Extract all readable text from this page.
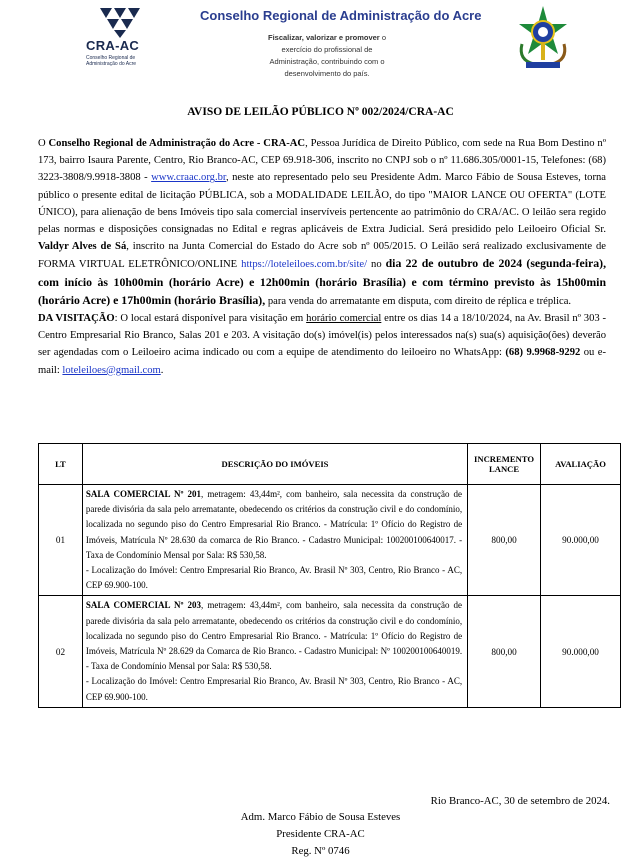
CRA-AC
Conselho Regional de Administração do Acre
Conselho Regional de Administração do Acre
Fiscalizar, valorizar e promover o exercício do profissional de Administração, contribuindo com o desenvolvimento do país.
AVISO DE LEILÃO PÚBLICO Nº 002/2024/CRA-AC

O Conselho Regional de Administração do Acre - CRA-AC, Pessoa Jurídica de Direito Público, com sede na Rua Bom Destino nº 173, bairro Isaura Parente, Centro, Rio Branco-AC, CEP 69.918-306, inscrito no CNPJ sob o nº 11.686.305/0001-15, Telefones: (68) 3223-3808/9.9918-3808 - www.craac.org.br, neste ato representado pelo seu Presidente Adm. Marco Fábio de Sousa Esteves, torna público o presente edital de licitação PÚBLICA, sob a MODALIDADE LEILÃO, do tipo "MAIOR LANCE OU OFERTA" (LOTE ÚNICO), para alienação de bens Imóveis tipo sala comercial inservíveis pertencente ao patrimônio do CRA/AC. O leilão sera regido pelas normas e disposições consignadas no Edital e regras aplicáveis de Extra Judicial. Será presidido pelo Leiloeiro Oficial Sr. Valdyr Alves de Sá, inscrito na Junta Comercial do Estado do Acre sob nº 005/2015. O Leilão será realizado exclusivamente de FORMA VIRTUAL ELETRÔNICO/ONLINE https://loteleiloes.com.br/site/ no dia 22 de outubro de 2024 (segunda-feira), com início às 10h00min (horário Acre) e 12h00min (horário Brasília) e com término previsto às 15h00min (horário Acre) e 17h00min (horário Brasília), para venda do arrematante em disputa, com direito de réplica e tréplica.

DA VISITAÇÃO: O local estará disponível para visitação em horário comercial entre os dias 14 a 18/10/2024, na Av. Brasil nº 303 - Centro Empresarial Rio Branco, Salas 201 e 203. A visitação do(s) imóvel(is) pelos interessados na(s) sua(s) aquisição(ões) deverão ser agendadas com o Leiloeiro acima indicado ou com a equipe de atendimento do leiloeiro no WhatsApp: (68) 9.9968-9292 ou e-mail: loteleiloes@gmail.com.

LT	DESCRIÇÃO DO IMÓVEIS	INCREMENTO LANCE	AVALIAÇÃO
01	SALA COMERCIAL Nº 201, metragem: 43,44m², com banheiro, sala necessita da construção de parede divisória da sala pelo arrematante, obedecendo os critérios da construção civil e do condomínio, localizada no segundo piso do Centro Empresarial Rio Branco. - Matrícula: 1º Ofício do Registro de Imóveis, Matrícula Nº 28.630 da comarca de Rio Branco. - Cadastro Municipal: 100200100640017. - Taxa de Condomínio Mensal por Sala: R$ 530,58.
- Localização do Imóvel: Centro Empresarial Rio Branco, Av. Brasil Nº 303, Centro, Rio Branco - AC, CEP 69.900-100.	800,00	90.000,00
02	SALA COMERCIAL Nº 203, metragem: 43,44m², com banheiro, sala necessita da construção de parede divisória da sala pelo arrematante, obedecendo os critérios da construção civil e do condomínio, localizada no segundo piso do Centro Empresarial Rio Branco. - Matrícula: 1º Ofício do Registro de Imóveis, Matrícula Nº 28.629 da Comarca de Rio Branco. - Cadastro Municipal: Nº 100200100640019. - Taxa de Condomínio Mensal por Sala: R$ 530,58.
- Localização do Imóvel: Centro Empresarial Rio Branco, Av. Brasil Nº 303, Centro, Rio Branco - AC, CEP 69.900-100.	800,00	90.000,00
Rio Branco-AC, 30 de setembro de 2024.
Adm. Marco Fábio de Sousa Esteves
Presidente CRA-AC
Reg. Nº 0746
